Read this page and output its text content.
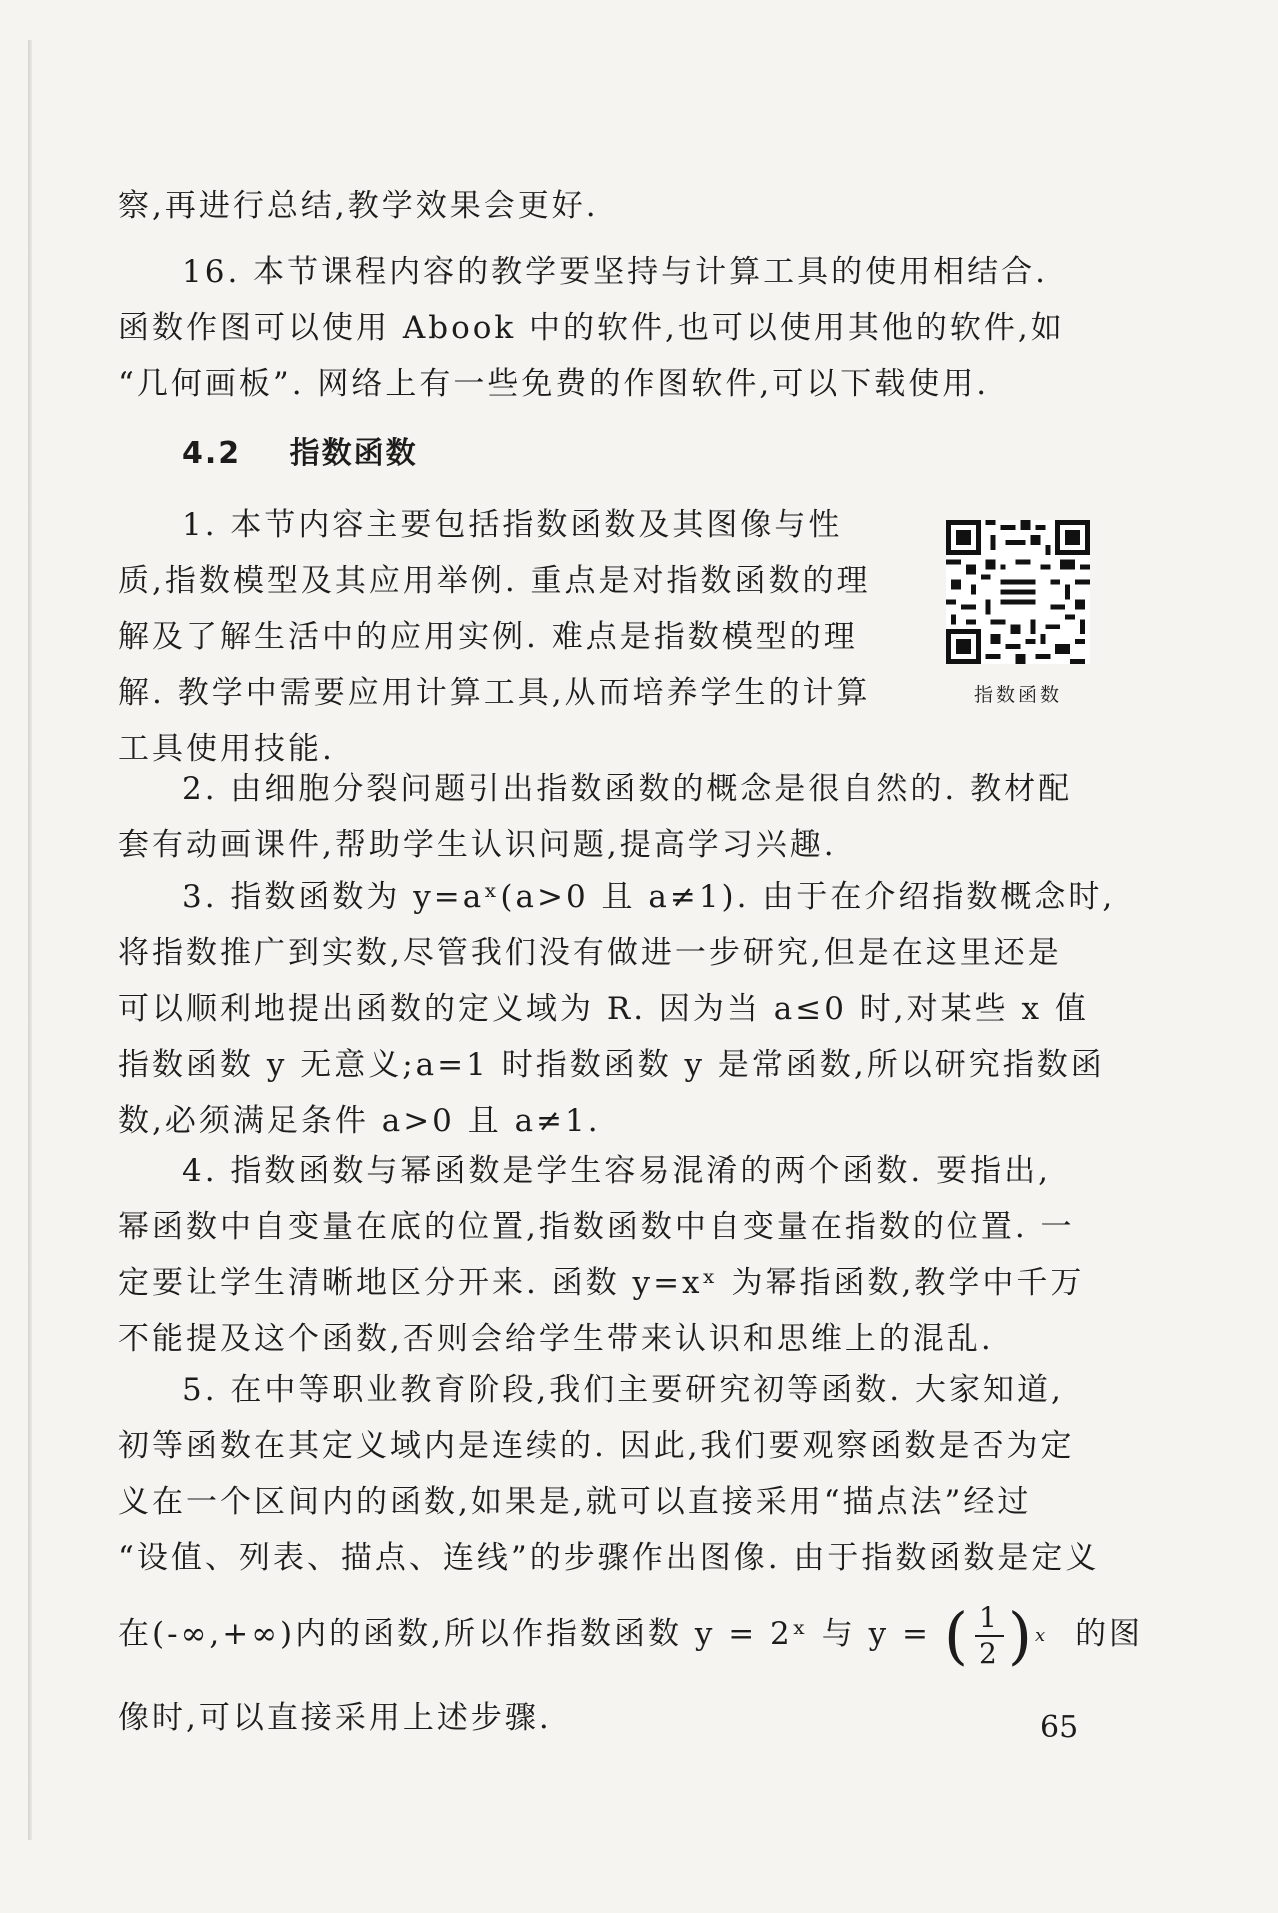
察,再进行总结,教学效果会更好.
16. 本节课程内容的教学要坚持与计算工具的使用相结合.
函数作图可以使用 Abook 中的软件,也可以使用其他的软件,如
“几何画板”. 网络上有一些免费的作图软件,可以下载使用.
4.2 指数函数
指数函数
1. 本节内容主要包括指数函数及其图像与性
质,指数模型及其应用举例. 重点是对指数函数的理
解及了解生活中的应用实例. 难点是指数模型的理
解. 教学中需要应用计算工具,从而培养学生的计算
工具使用技能.
2. 由细胞分裂问题引出指数函数的概念是很自然的. 教材配
套有动画课件,帮助学生认识问题,提高学习兴趣.
3. 指数函数为 y=aˣ(a>0 且 a≠1). 由于在介绍指数概念时,
将指数推广到实数,尽管我们没有做进一步研究,但是在这里还是
可以顺利地提出函数的定义域为 R. 因为当 a≤0 时,对某些 x 值
指数函数 y 无意义;a=1 时指数函数 y 是常函数,所以研究指数函
数,必须满足条件 a>0 且 a≠1.
4. 指数函数与幂函数是学生容易混淆的两个函数. 要指出,
幂函数中自变量在底的位置,指数函数中自变量在指数的位置. 一
定要让学生清晰地区分开来. 函数 y=xˣ 为幂指函数,教学中千万
不能提及这个函数,否则会给学生带来认识和思维上的混乱.
5. 在中等职业教育阶段,我们主要研究初等函数. 大家知道,
初等函数在其定义域内是连续的. 因此,我们要观察函数是否为定
义在一个区间内的函数,如果是,就可以直接采用“描点法”经过
“设值、列表、描点、连线”的步骤作出图像. 由于指数函数是定义
在(-∞,+∞)内的函数,所以作指数函数 y = 2ˣ 与 y = ( $\frac{1}{2}$ ) x 的图
像时,可以直接采用上述步骤.	65
